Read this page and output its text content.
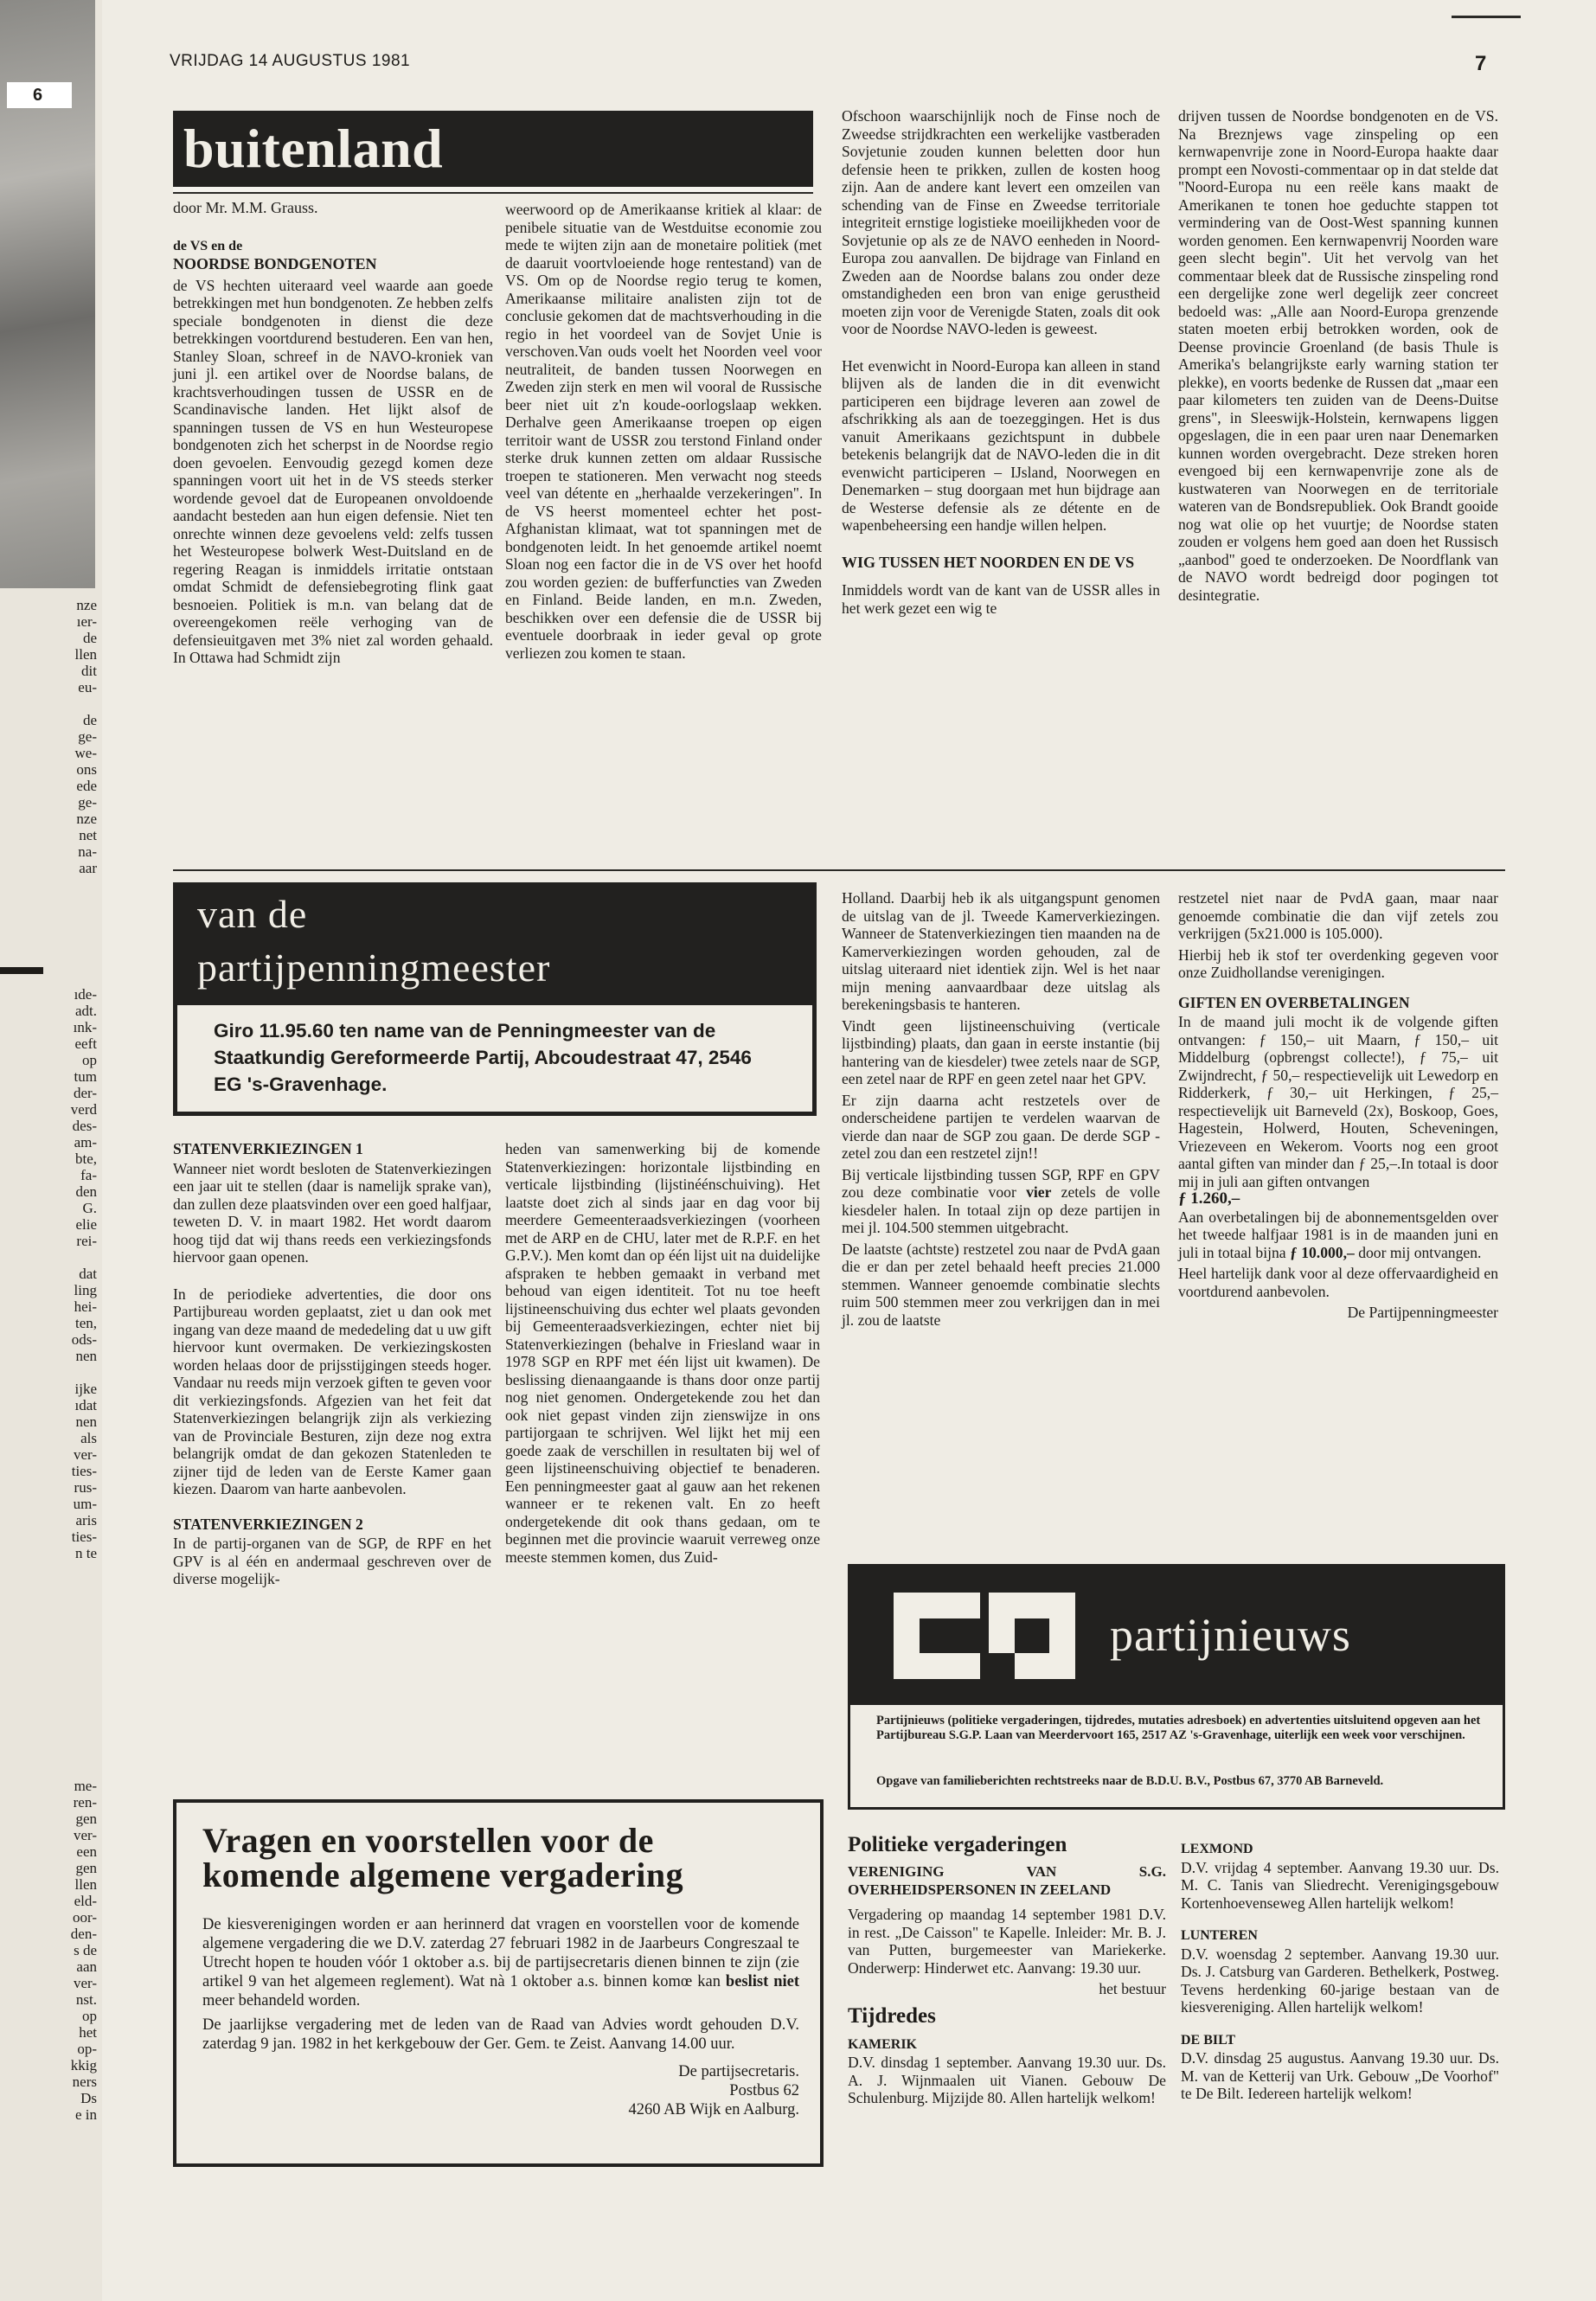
6
nze
ıer-
de
llen
dit
eu-

de
ge-
we-
ons
ede
ge-
nze
net
na-
aar
ıde-
adt.
ınk-
eeft
op
tum
der-
verd
des-
am-
bte,
fa-
den
G.
elie
rei-

dat
ling
hei-
ten,
ods-
nen

ijke
ıdat
nen
als
ver-
ties-
rus-
um-
aris
ties-
n te
me-
ren-
gen
ver-
een
gen
llen
eld-
oor-
den-
s de
aan
ver-
nst.
op
het
op-
kkig
ners
Ds
e in
VRIJDAG 14 AUGUSTUS 1981	7
buitenland
door Mr. M.M. Grauss.
de VS en de
NOORDSE BONDGENOTEN

de VS hechten uiteraard veel waarde aan goede betrekkingen met hun bondgenoten. Ze hebben zelfs speciale bondgenoten in dienst die deze betrekkingen voortdurend bestuderen. Een van hen, Stanley Sloan, schreef in de NAVO-kroniek van juni jl. een artikel over de Noordse balans, de krachtsverhoudingen tussen de USSR en de Scandinavische landen. Het lijkt alsof de spanningen tussen de VS en hun Westeuropese bondgenoten zich het scherpst in de Noordse regio doen gevoelen. Eenvoudig gezegd komen deze spanningen voort uit het in de VS steeds sterker wordende gevoel dat de Europeanen onvoldoende aandacht besteden aan hun eigen defensie. Niet ten onrechte winnen deze gevoelens veld: zelfs tussen het Westeuropese bolwerk West-Duitsland en de regering Reagan is inmiddels irritatie ontstaan omdat Schmidt de defensiebegroting flink gaat besnoeien. Politiek is m.n. van belang dat de overeengekomen reële verhoging van de defensieuitgaven met 3% niet zal worden gehaald. In Ottawa had Schmidt zijn

weerwoord op de Amerikaanse kritiek al klaar: de penibele situatie van de Westduitse economie zou mede te wijten zijn aan de monetaire politiek (met de daaruit voortvloeiende hoge rentestand) van de VS. Om op de Noordse regio terug te komen, Amerikaanse militaire analisten zijn tot de conclusie gekomen dat de machtsverhouding in die regio in het voordeel van de Sovjet Unie is verschoven.Van ouds voelt het Noorden veel voor neutraliteit, de banden tussen Noorwegen en Zweden zijn sterk en men wil vooral de Russische beer niet uit z'n koude-oorlogslaap wekken. Derhalve geen Amerikaanse troepen op eigen territoir want de USSR zou terstond Finland onder sterke druk kunnen zetten om aldaar Russische troepen te stationeren. Men verwacht nog steeds veel van détente en „herhaalde verzekeringen". In de VS heerst momenteel echter het post-Afghanistan klimaat, wat tot spanningen met de bondgenoten leidt. In het genoemde artikel noemt Sloan nog een factor die in de VS over het hoofd zou worden gezien: de bufferfuncties van Zweden en Finland. Beide landen, en m.n. Zweden, beschikken over een defensie die de USSR bij eventuele doorbraak in ieder geval op grote verliezen zou komen te staan.

Ofschoon waarschijnlijk noch de Finse noch de Zweedse strijdkrachten een werkelijke vastberaden Sovjetunie zouden kunnen beletten door hun defensie heen te prikken, zullen de kosten hoog zijn. Aan de andere kant levert een omzeilen van schending van de Finse en Zweedse territoriale integriteit ernstige logistieke moeilijkheden voor de Sovjetunie op als ze de NAVO eenheden in Noord-Europa zou aanvallen. De bijdrage van Finland en Zweden aan de Noordse balans zou onder deze omstandigheden een bron van enige gerustheid moeten zijn voor de Verenigde Staten, zoals dit ook voor de Noordse NAVO-leden is geweest.

Het evenwicht in Noord-Europa kan alleen in stand blijven als de landen die in dit evenwicht participeren een bijdrage leveren aan zowel de afschrikking als aan de toezeggingen. Het is dus vanuit Amerikaans gezichtspunt in dubbele betekenis belangrijk dat de NAVO-leden die in dit evenwicht participeren – IJsland, Noorwegen en Denemarken – stug doorgaan met hun bijdrage aan de Westerse defensie als ze détente en de wapenbeheersing een handje willen helpen.

WIG TUSSEN HET NOORDEN EN DE VS

Inmiddels wordt van de kant van de USSR alles in het werk gezet een wig te

drijven tussen de Noordse bondgenoten en de VS. Na Breznjews vage zinspeling op een kernwapenvrije zone in Noord-Europa haakte daar prompt een Novosti-commentaar op in dat stelde dat "Noord-Europa nu een reële kans maakt de Amerikanen te tonen hoe geduchte stappen tot vermindering van de Oost-West spanning kunnen worden genomen. Een kernwapenvrij Noorden ware geen slecht begin". Uit het vervolg van het commentaar bleek dat de Russische zinspeling rond een dergelijke zone werl degelijk zeer concreet bedoeld was: „Alle aan Noord-Europa grenzende staten moeten erbij betrokken worden, ook de Deense provincie Groenland (de basis Thule is Amerika's belangrijkste early warning station ter plekke), en voorts bedenke de Russen dat „maar een paar kilometers ten zuiden van de Deens-Duitse grens", in Sleeswijk-Holstein, kernwapens liggen opgeslagen, die in een paar uren naar Denemarken kunnen worden overgebracht. Deze streken horen evengoed bij een kernwapenvrije zone als de kustwateren van Noorwegen en de territoriale wateren van de Bondsrepubliek. Ook Brandt gooide nog wat olie op het vuurtje; de Noordse staten zouden er volgens hem goed aan doen het Russisch „aanbod" goed te onderzoeken. De Noordflank van de NAVO wordt bedreigd door pogingen tot desintegratie.

van de
partijpenningmeester
Giro 11.95.60 ten name van de Penningmeester van de Staatkundig Gereformeerde Partij, Abcoudestraat 47, 2546 EG 's-Gravenhage.
STATENVERKIEZINGEN 1

Wanneer niet wordt besloten de Statenverkiezingen een jaar uit te stellen (daar is namelijk sprake van), dan zullen deze plaatsvinden over een goed halfjaar, teweten D. V. in maart 1982. Het wordt daarom hoog tijd dat wij thans reeds een verkiezingsfonds hiervoor gaan openen.

In de periodieke advertenties, die door ons Partijbureau worden geplaatst, ziet u dan ook met ingang van deze maand de mededeling dat u uw gift hiervoor kunt overmaken. De verkiezingskosten worden helaas door de prijsstijgingen steeds hoger. Vandaar nu reeds mijn verzoek giften te geven voor dit verkiezingsfonds. Afgezien van het feit dat Statenverkiezingen belangrijk zijn als verkiezing van de Provinciale Besturen, zijn deze nog extra belangrijk omdat de dan gekozen Statenleden te zijner tijd de leden van de Eerste Kamer gaan kiezen. Daarom van harte aanbevolen.

STATENVERKIEZINGEN 2

In de partij-organen van de SGP, de RPF en het GPV is al één en andermaal geschreven over de diverse mogelijk-

heden van samenwerking bij de komende Statenverkiezingen: horizontale lijstbinding en verticale lijstbinding (lijstinéénschuiving). Het laatste doet zich al sinds jaar en dag voor bij meerdere Gemeenteraadsverkiezingen (voorheen met de ARP en de CHU, later met de R.P.F. en het G.P.V.). Men komt dan op één lijst uit na duidelijke afspraken te hebben gemaakt in verband met behoud van eigen identiteit. Tot nu toe heeft lijstineenschuiving dus echter wel plaats gevonden bij Gemeenteraadsverkiezingen, echter niet bij Statenverkiezingen (behalve in Friesland waar in 1978 SGP en RPF met één lijst uit kwamen). De beslissing dienaangaande is thans door onze partij nog niet genomen. Ondergetekende zou het dan ook niet gepast vinden zijn zienswijze in ons partijorgaan te schrijven. Wel lijkt het mij een goede zaak de verschillen in resultaten bij wel of geen lijstineenschuiving objectief te benaderen. Een penningmeester gaat al gauw aan het rekenen wanneer er te rekenen valt. En zo heeft ondergetekende dit ook thans gedaan, om te beginnen met die provincie waaruit verreweg onze meeste stemmen komen, dus Zuid-

Holland. Daarbij heb ik als uitgangspunt genomen de uitslag van de jl. Tweede Kamerverkiezingen. Wanneer de Statenverkiezingen tien maanden na de Kamerverkiezingen worden gehouden, zal de uitslag uiteraard niet identiek zijn. Wel is het naar mijn mening aanvaardbaar deze uitslag als berekeningsbasis te hanteren.

Vindt geen lijstineenschuiving (verticale lijstbinding) plaats, dan gaan in eerste instantie (bij hantering van de kiesdeler) twee zetels naar de SGP, een zetel naar de RPF en geen zetel naar het GPV.

Er zijn daarna acht restzetels over de onderscheidene partijen te verdelen waarvan de vierde dan naar de SGP zou gaan. De derde SGP - zetel zou dan een restzetel zijn!!

Bij verticale lijstbinding tussen SGP, RPF en GPV zou deze combinatie voor vier zetels de volle kiesdeler halen. In totaal zijn op deze partijen in mei jl. 104.500 stemmen uitgebracht.

De laatste (achtste) restzetel zou naar de PvdA gaan die er dan per zetel behaald heeft precies 21.000 stemmen. Wanneer genoemde combinatie slechts ruim 500 stemmen meer zou verkrijgen dan in mei jl. zou de laatste

restzetel niet naar de PvdA gaan, maar naar genoemde combinatie die dan vijf zetels zou verkrijgen (5x21.000 is 105.000).

Hierbij heb ik stof ter overdenking gegeven voor onze Zuidhollandse verenigingen.

GIFTEN EN OVERBETALINGEN

In de maand juli mocht ik de volgende giften ontvangen: ƒ 150,– uit Maarn, ƒ 150,– uit Middelburg (opbrengst collecte!), ƒ 75,– uit Zwijndrecht, ƒ 50,– respectievelijk uit Lewedorp en Ridderkerk, ƒ 30,– uit Herkingen, ƒ 25,– respectievelijk uit Barneveld (2x), Boskoop, Goes, Hagestein, Holwerd, Houten, Scheveningen, Vriezeveen en Wekerom. Voorts nog een groot aantal giften van minder dan ƒ 25,–.In totaal is door mij in juli aan giften ontvangen

ƒ 1.260,–

Aan overbetalingen bij de abonnementsgelden over het tweede halfjaar 1981 is in de maanden juni en juli in totaal bijna ƒ 10.000,– door mij ontvangen.

Heel hartelijk dank voor al deze offervaardigheid en voortdurend aanbevolen.

De Partijpenningmeester
partijnieuws
Partijnieuws (politieke vergaderingen, tijdredes, mutaties adresboek) en advertenties uitsluitend opgeven aan het Partijbureau S.G.P. Laan van Meerdervoort 165, 2517 AZ 's-Gravenhage, uiterlijk een week voor verschijnen.
Opgave van familieberichten rechtstreeks naar de B.D.U. B.V., Postbus 67, 3770 AB Barneveld.
Vragen en voorstellen voor de komende algemene vergadering

De kiesverenigingen worden er aan herinnerd dat vragen en voorstellen voor de komende algemene vergadering die we D.V. zaterdag 27 februari 1982 in de Jaarbeurs Congreszaal te Utrecht hopen te houden vóór 1 oktober a.s. bij de partijsecretaris dienen binnen te zijn (zie artikel 9 van het algemeen reglement). Wat nà 1 oktober a.s. binnen komœ kan beslist niet meer behandeld worden.

De jaarlijkse vergadering met de leden van de Raad van Advies wordt gehouden D.V. zaterdag 9 jan. 1982 in het kerkgebouw der Ger. Gem. te Zeist. Aanvang 14.00 uur.

De partijsecretaris.
Postbus 62
4260 AB Wijk en Aalburg.
Politieke vergaderingen
VERENIGING VAN S.G. OVERHEIDSPERSONEN IN ZEELAND

Vergadering op maandag 14 september 1981 D.V. in rest. „De Caisson" te Kapelle. Inleider: Mr. B. J. van Putten, burgemeester van Mariekerke. Onderwerp: Hinderwet etc. Aanvang: 19.30 uur.

het bestuur
Tijdredes
KAMERIK

D.V. dinsdag 1 september. Aanvang 19.30 uur. Ds. A. J. Wijnmaalen uit Vianen. Gebouw De Schulenburg. Mijzijde 80. Allen hartelijk welkom!

LEXMOND

D.V. vrijdag 4 september. Aanvang 19.30 uur. Ds. M. C. Tanis van Sliedrecht. Verenigingsgebouw Kortenhoevenseweg Allen hartelijk welkom!

LUNTEREN

D.V. woensdag 2 september. Aanvang 19.30 uur. Ds. J. Catsburg van Garderen. Bethelkerk, Postweg. Tevens herdenking 60-jarige bestaan van de kiesvereniging. Allen hartelijk welkom!

DE BILT

D.V. dinsdag 25 augustus. Aanvang 19.30 uur. Ds. M. van de Ketterij van Urk. Gebouw „De Voorhof" te De Bilt. Iedereen hartelijk welkom!
